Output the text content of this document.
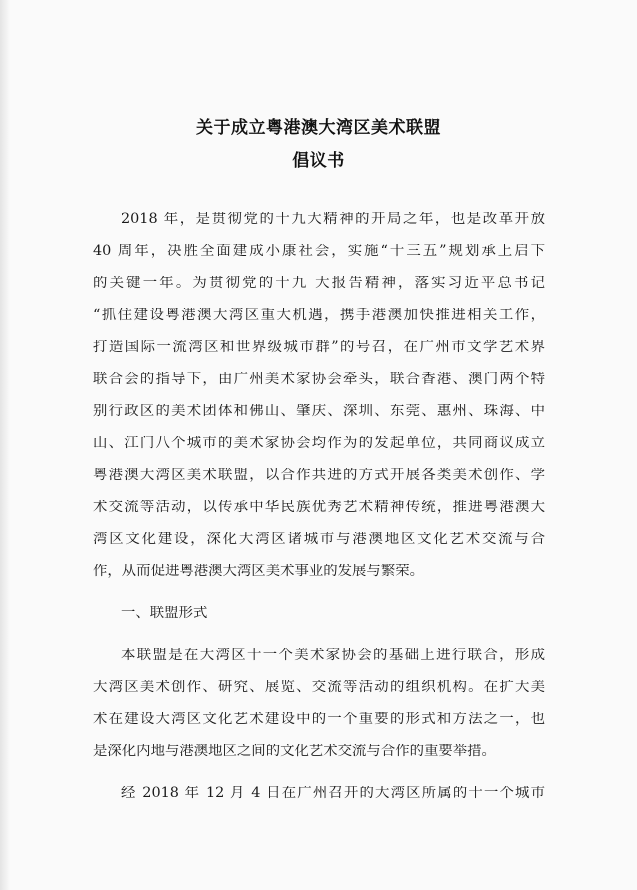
关于成立粤港澳大湾区美术联盟
倡议书
2018 年，是贯彻党的十九大精神的开局之年，也是改革开放
40 周年，决胜全面建成小康社会，实施“十三五”规划承上启下
的关键一年。为贯彻党的十九 大报告精神，落实习近平总书记
“抓住建设粤港澳大湾区重大机遇，携手港澳加快推进相关工作，
打造国际一流湾区和世界级城市群”的号召，在广州市文学艺术界
联合会的指导下，由广州美术家协会牵头，联合香港、澳门两个特
别行政区的美术团体和佛山、肇庆、深圳、东莞、惠州、珠海、中
山、江门八个城市的美术家协会均作为的发起单位，共同商议成立
粤港澳大湾区美术联盟，以合作共进的方式开展各类美术创作、学
术交流等活动，以传承中华民族优秀艺术精神传统，推进粤港澳大
湾区文化建设，深化大湾区诸城市与港澳地区文化艺术交流与合
作，从而促进粤港澳大湾区美术事业的发展与繁荣。
一、联盟形式
本联盟是在大湾区十一个美术家协会的基础上进行联合，形成
大湾区美术创作、研究、展览、交流等活动的组织机构。在扩大美
术在建设大湾区文化艺术建设中的一个重要的形式和方法之一，也
是深化内地与港澳地区之间的文化艺术交流与合作的重要举措。
经 2018 年 12 月 4 日在广州召开的大湾区所属的十一个城市
